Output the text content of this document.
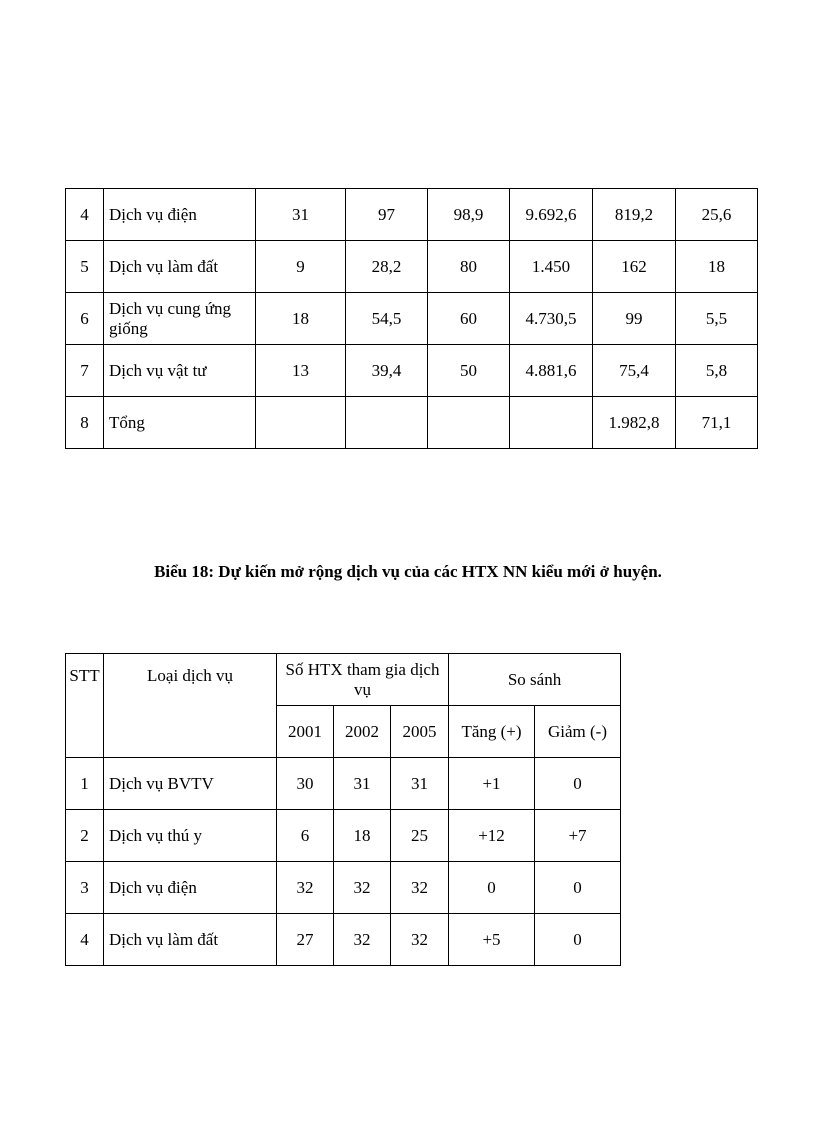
4	Dịch vụ điện	31	97	98,9	9.692,6	819,2	25,6
5	Dịch vụ làm đất	9	28,2	80	1.450	162	18
6	Dịch vụ cung ứng giống	18	54,5	60	4.730,5	99	5,5
7	Dịch vụ vật tư	13	39,4	50	4.881,6	75,4	5,8
8	Tổng					1.982,8	71,1
Biểu 18: Dự kiến mở rộng dịch vụ của các HTX NN kiểu mới ở huyện.
STT	Loại dịch vụ	Số HTX tham gia dịch vụ			So sánh	
		2001	2002	2005	Tăng (+)	Giảm (-)
1	Dịch vụ BVTV	30	31	31	+1	0
2	Dịch vụ thú y	6	18	25	+12	+7
3	Dịch vụ điện	32	32	32	0	0
4	Dịch vụ làm đất	27	32	32	+5	0
